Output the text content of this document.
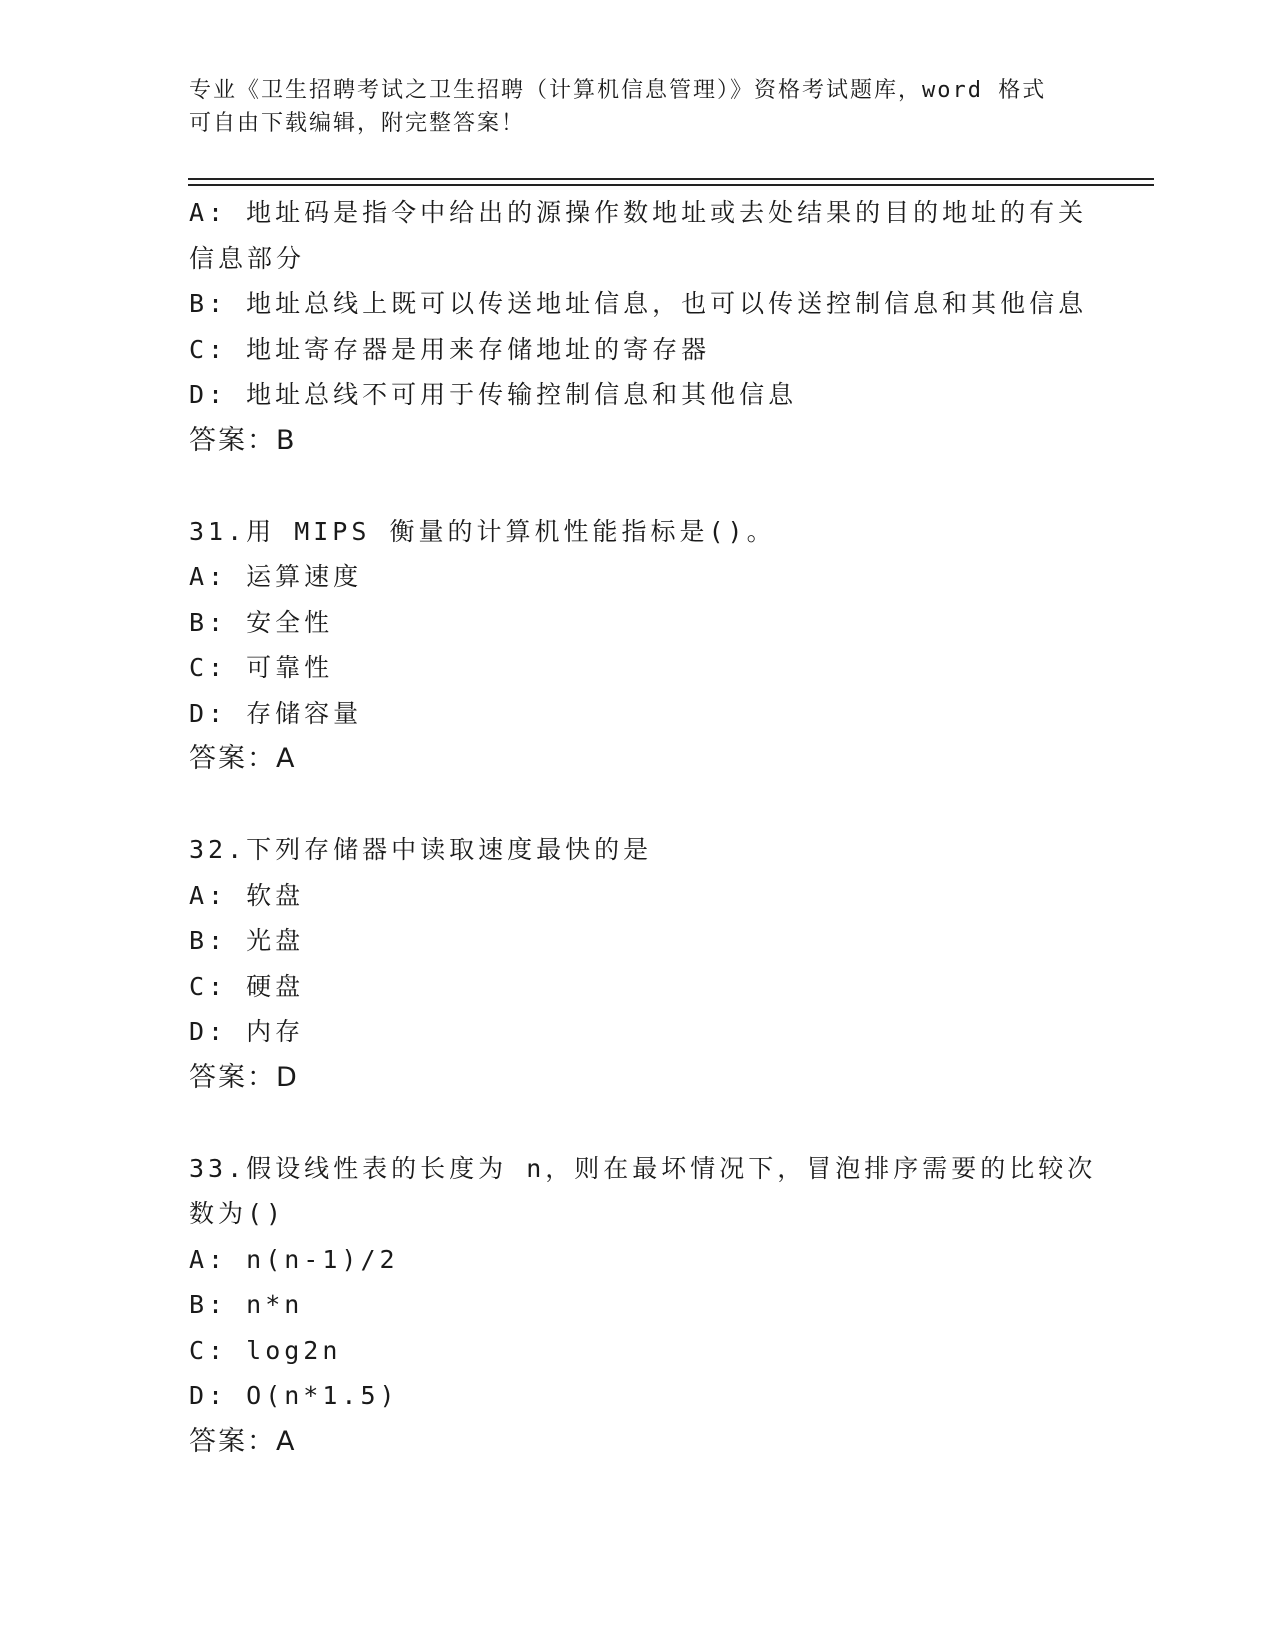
专业《卫生招聘考试之卫生招聘（计算机信息管理）》资格考试题库，word 格式
可自由下载编辑，附完整答案！
A: 地址码是指令中给出的源操作数地址或去处结果的目的地址的有关
信息部分
B: 地址总线上既可以传送地址信息，也可以传送控制信息和其他信息
C: 地址寄存器是用来存储地址的寄存器
D: 地址总线不可用于传输控制信息和其他信息
答案：B
31.用 MIPS 衡量的计算机性能指标是()。
A: 运算速度
B: 安全性
C: 可靠性
D: 存储容量
答案：A
32.下列存储器中读取速度最快的是
A: 软盘
B: 光盘
C: 硬盘
D: 内存
答案：D
33.假设线性表的长度为 n，则在最坏情况下，冒泡排序需要的比较次
数为()
A: n(n-1)/2
B: n*n
C: log2n
D: O(n*1.5)
答案：A
